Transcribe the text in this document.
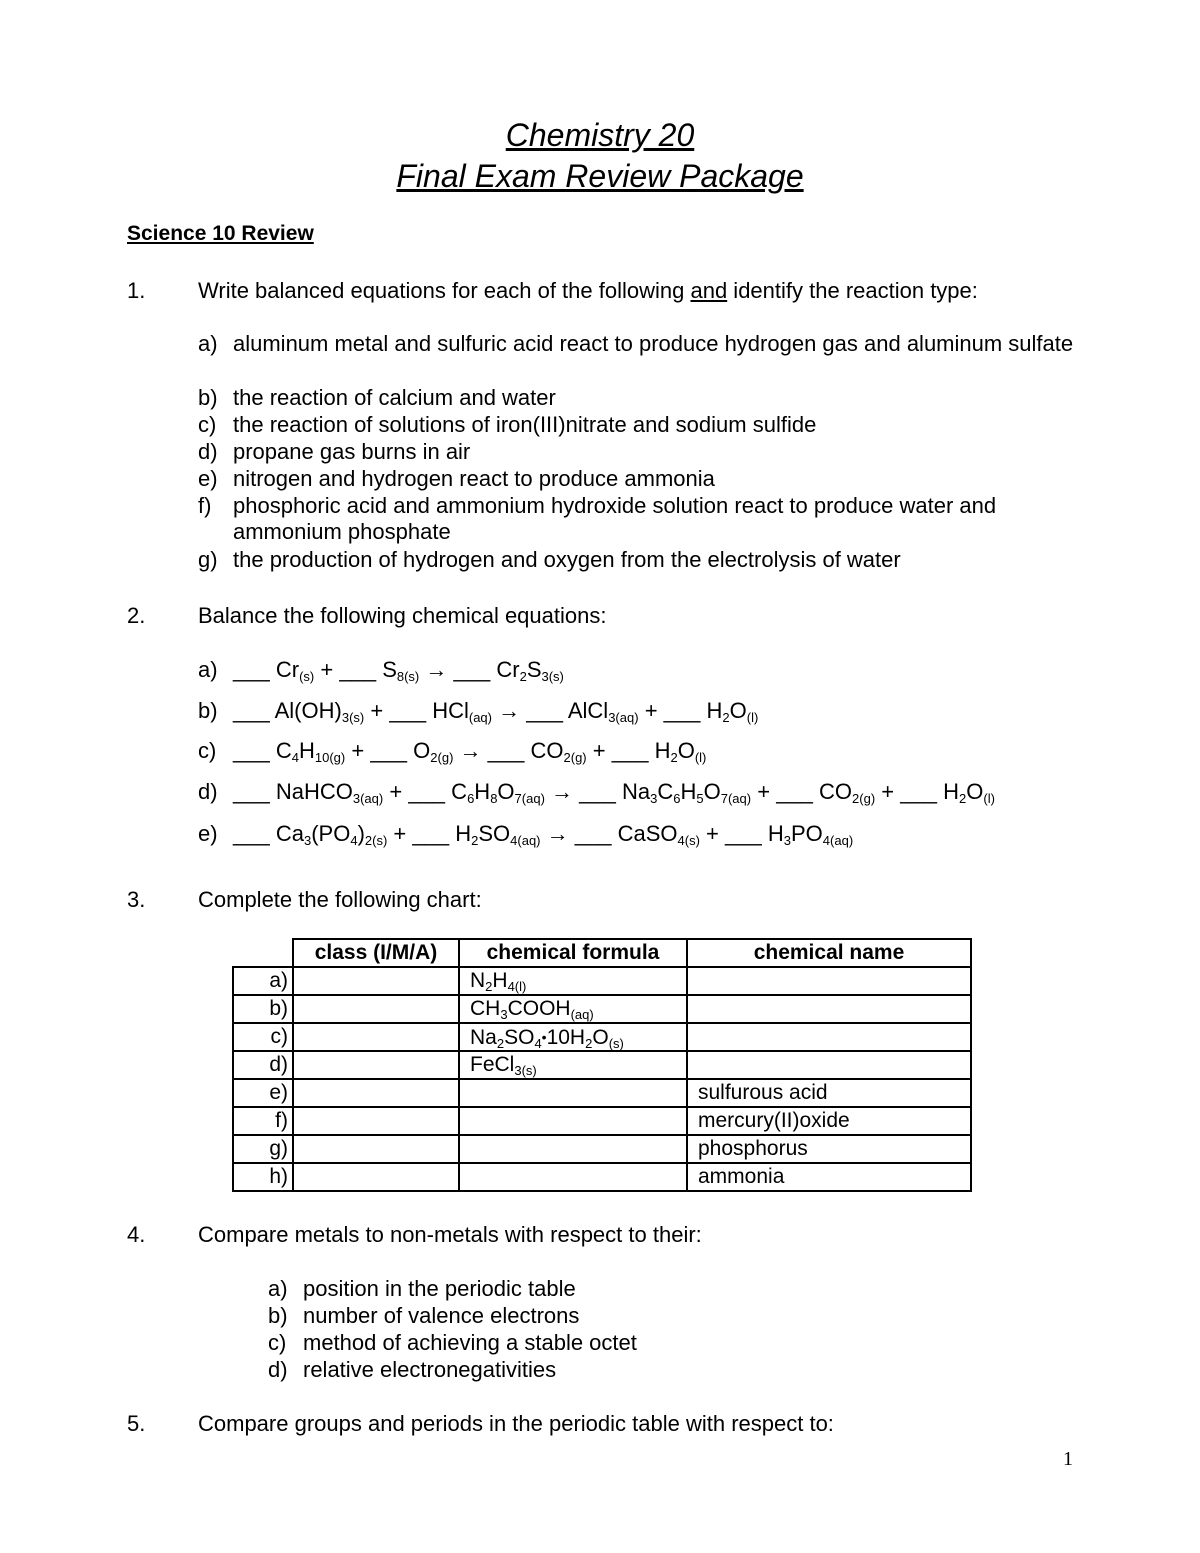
Chemistry 20
Final Exam Review Package
Science 10 Review
1. Write balanced equations for each of the following and identify the reaction type:
a) aluminum metal and sulfuric acid react to produce hydrogen gas and aluminum sulfate
b) the reaction of calcium and water
c) the reaction of solutions of iron(III)nitrate and sodium sulfide
d) propane gas burns in air
e) nitrogen and hydrogen react to produce ammonia
f) phosphoric acid and ammonium hydroxide solution react to produce water and ammonium phosphate
g) the production of hydrogen and oxygen from the electrolysis of water
2. Balance the following chemical equations:
a) ___ $Cr_{(s)}$ + ___ $S_{8(s)}$ → ___ $Cr_2S_{3(s)}$
b) ___ $Al(OH)_{3(s)}$ + ___ HCl$_{(aq)}$ → ___ AlCl$_{3(aq)}$ + ___ $H_2O_{(l)}$
c) ___ $C_4H_{10(g)}$ + ___ $O_{2(g)}$ → ___ $CO_{2(g)}$ + ___ $H_2O_{(l)}$
d) ___ NaHCO$_{3(aq)}$ + ___ $C_6H_8O_{7(aq)}$ → ___ $Na_3C_6H_5O_{7(aq)}$ + ___ $CO_{2(g)}$ + ___ $H_2O_{(l)}$
e) ___ $Ca_3(PO_4)_{2(s)}$ + ___ $H_2SO_{4(aq)}$ → ___ CaSO$_{4(s)}$ + ___ $H_3PO_{4(aq)}$
3. Complete the following chart:
	class (I/M/A)	chemical formula	chemical name
a)		$N_2H_{4(l)}$	
b)		$CH_3COOH_{(aq)}$	
c)		$Na_2SO_4•10H_2O_{(s)}$	
d)		FeCl$_{3(s)}$	
e)			sulfurous acid
f)			mercury(II)oxide
g)			phosphorus
h)			ammonia
4. Compare metals to non-metals with respect to their:
a) position in the periodic table
b) number of valence electrons
c) method of achieving a stable octet
d) relative electronegativities
5. Compare groups and periods in the periodic table with respect to:
1
